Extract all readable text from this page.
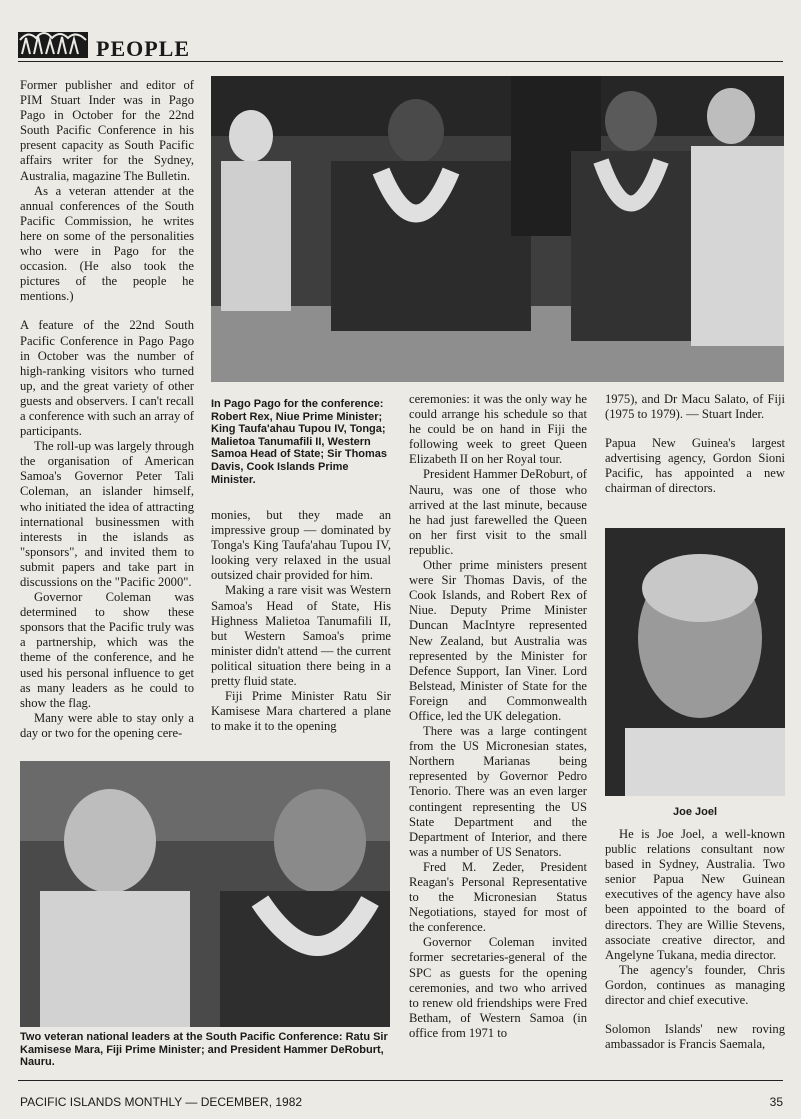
PEOPLE

Former publisher and editor of PIM Stuart Inder was in Pago Pago in October for the 22nd South Pacific Conference in his present capacity as South Pacific affairs writer for the Sydney, Australia, magazine The Bulletin.

As a veteran attender at the annual conferences of the South Pacific Commission, he writes here on some of the personalities who were in Pago for the occasion. (He also took the pictures of the people he mentions.)

A feature of the 22nd South Pacific Conference in Pago Pago in October was the number of high-ranking visitors who turned up, and the great variety of other guests and observers. I can't recall a conference with such an array of participants.

The roll-up was largely through the organisation of American Samoa's Governor Peter Tali Coleman, an islander himself, who initiated the idea of attracting international businessmen with interests in the islands as "sponsors", and invited them to submit papers and take part in discussions on the "Pacific 2000".

Governor Coleman was determined to show these sponsors that the Pacific truly was a partnership, which was the theme of the conference, and he used his personal influence to get as many leaders as he could to show the flag.

Many were able to stay only a day or two for the opening cere-

In Pago Pago for the conference: Robert Rex, Niue Prime Minister; King Taufa'ahau Tupou IV, Tonga; Malietoa Tanumafili II, Western Samoa Head of State; Sir Thomas Davis, Cook Islands Prime Minister.

monies, but they made an impressive group — dominated by Tonga's King Taufa'ahau Tupou IV, looking very relaxed in the usual outsized chair provided for him.

Making a rare visit was Western Samoa's Head of State, His Highness Malietoa Tanumafili II, but Western Samoa's prime minister didn't attend — the current political situation there being in a pretty fluid state.

Fiji Prime Minister Ratu Sir Kamisese Mara chartered a plane to make it to the opening

Two veteran national leaders at the South Pacific Conference: Ratu Sir Kamisese Mara, Fiji Prime Minister; and President Hammer DeRoburt, Nauru.

ceremonies: it was the only way he could arrange his schedule so that he could be on hand in Fiji the following week to greet Queen Elizabeth II on her Royal tour.

President Hammer DeRoburt, of Nauru, was one of those who arrived at the last minute, because he had just farewelled the Queen on her first visit to the small republic.

Other prime ministers present were Sir Thomas Davis, of the Cook Islands, and Robert Rex of Niue. Deputy Prime Minister Duncan MacIntyre represented New Zealand, but Australia was represented by the Minister for Defence Support, Ian Viner. Lord Belstead, Minister of State for the Foreign and Commonwealth Office, led the UK delegation.

There was a large contingent from the US Micronesian states, Northern Marianas being represented by Governor Pedro Tenorio. There was an even larger contingent representing the US State Department and the Department of Interior, and there was a number of US Senators.

Fred M. Zeder, President Reagan's Personal Representative to the Micronesian Status Negotiations, stayed for most of the conference.

Governor Coleman invited former secretaries-general of the SPC as guests for the opening ceremonies, and two who arrived to renew old friendships were Fred Betham, of Western Samoa (in office from 1971 to

1975), and Dr Macu Salato, of Fiji (1975 to 1979). — Stuart Inder.

Papua New Guinea's largest advertising agency, Gordon Sioni Pacific, has appointed a new chairman of directors.

Joe Joel

He is Joe Joel, a well-known public relations consultant now based in Sydney, Australia. Two senior Papua New Guinean executives of the agency have also been appointed to the board of directors. They are Willie Stevens, associate creative director, and Angelyne Tukana, media director.

The agency's founder, Chris Gordon, continues as managing director and chief executive.

Solomon Islands' new roving ambassador is Francis Saemala,

PACIFIC ISLANDS MONTHLY — DECEMBER, 1982	35
